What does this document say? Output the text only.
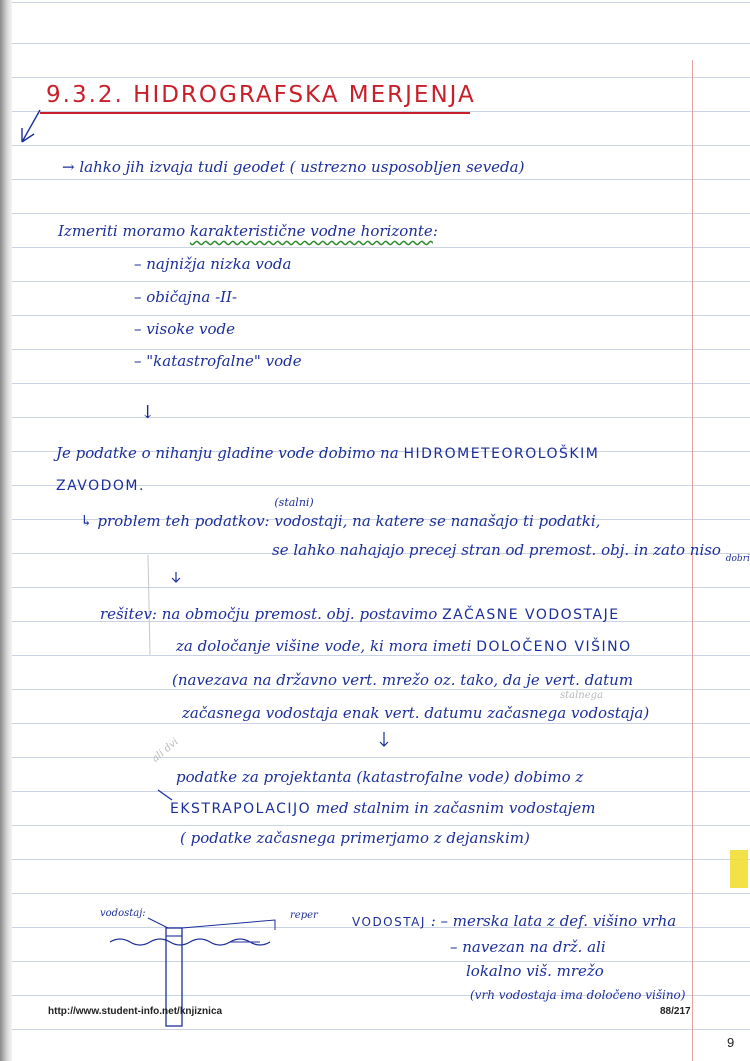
9.3.2. HIDROGRAFSKA MERJENJA
→ lahko jih izvaja tudi geodet ( ustrezno usposobljen seveda)
Izmeriti moramo karakteristične vodne horizonte:
– najnižja nizka voda
– običajna -II-
– visoke vode
– "katastrofalne" vode
↓
Je podatke o nihanju gladine vode dobimo na HIDROMETEOROLOŠKIM
ZAVODOM.
↳ problem teh podatkov:
(stalni)
vodostaji, na katere se nanašajo ti podatki,
se lahko nahajajo precej stran od premost. obj. in zato niso $_{dobri}$
rešitev: na območju premost. obj. postavimo ZAČASNE VODOSTAJE
za določanje višine vode, ki mora imeti DOLOČENO VIŠINO
(navezava na državno vert. mrežo oz. tako, da je vert. datum
začasnega vodostaja enak vert. datumu začasnega vodostaja)
stalnega
ali dvi
podatke za projektanta (katastrofalne vode) dobimo z
EKSTRAPOLACIJO med stalnim in začasnim vodostajem
( podatke začasnega primerjamo z dejanskim)
vodostaj:	reper	VODOSTAJ : – merska lata z def. višino vrha
– navezan na drž. ali
lokalno viš. mrežo
(vrh vodostaja ima določeno višino)
http://www.student-info.net/knjiznica	88/217
9
